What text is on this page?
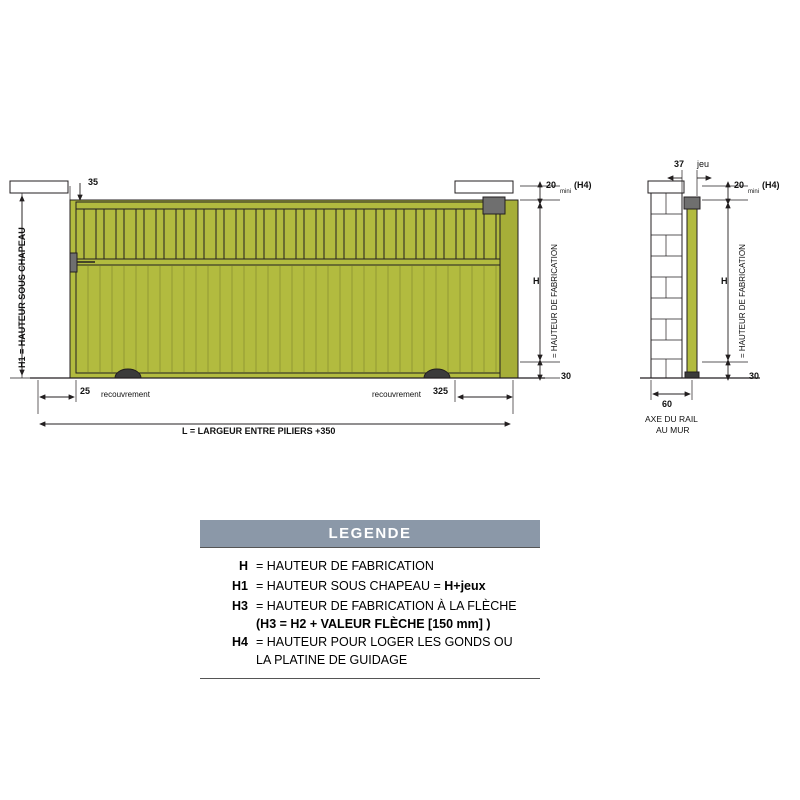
35
H1 = HAUTEUR SOUS CHAPEAU
20
mini
(H4)
= HAUTEUR DE FABRICATION
H
30
25 recouvrement	recouvrement 325
L = LARGEUR ENTRE PILIERS +350
37 jeu
20
mini
(H4)
= HAUTEUR DE FABRICATION
H
30
60
AXE DU RAIL
AU MUR
LEGENDE
H = HAUTEUR DE FABRICATION
H1 = HAUTEUR SOUS CHAPEAU = H+jeux
H3 = HAUTEUR DE FABRICATION À LA FLÈCHE
(H3 = H2 + VALEUR FLÈCHE [150 mm] )
H4 = HAUTEUR POUR LOGER LES GONDS OU
LA PLATINE DE GUIDAGE
